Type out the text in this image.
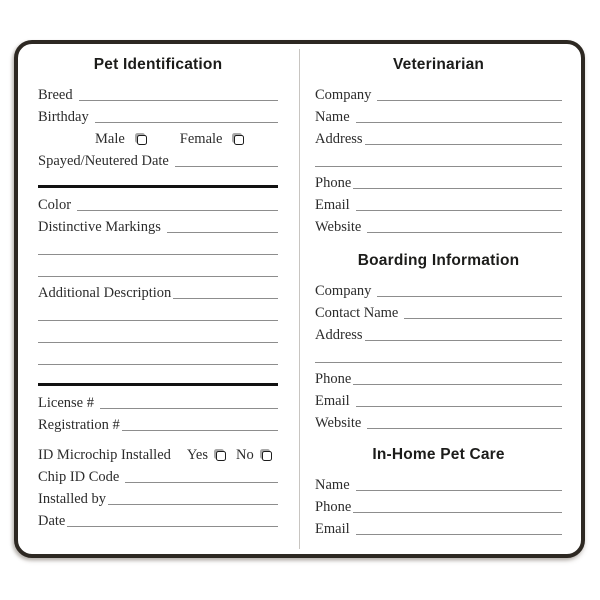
Pet Identification
Breed
Birthday
Male	Female
Spayed/Neutered Date
Color
Distinctive Markings
Additional Description
License #
Registration #
ID Microchip Installed	Yes No
Chip ID Code
Installed by
Date
Veterinarian
Company
Name
Address
Phone
Email
Website
Boarding Information
Company
Contact Name
Address
Phone
Email
Website
In-Home Pet Care
Name
Phone
Email
